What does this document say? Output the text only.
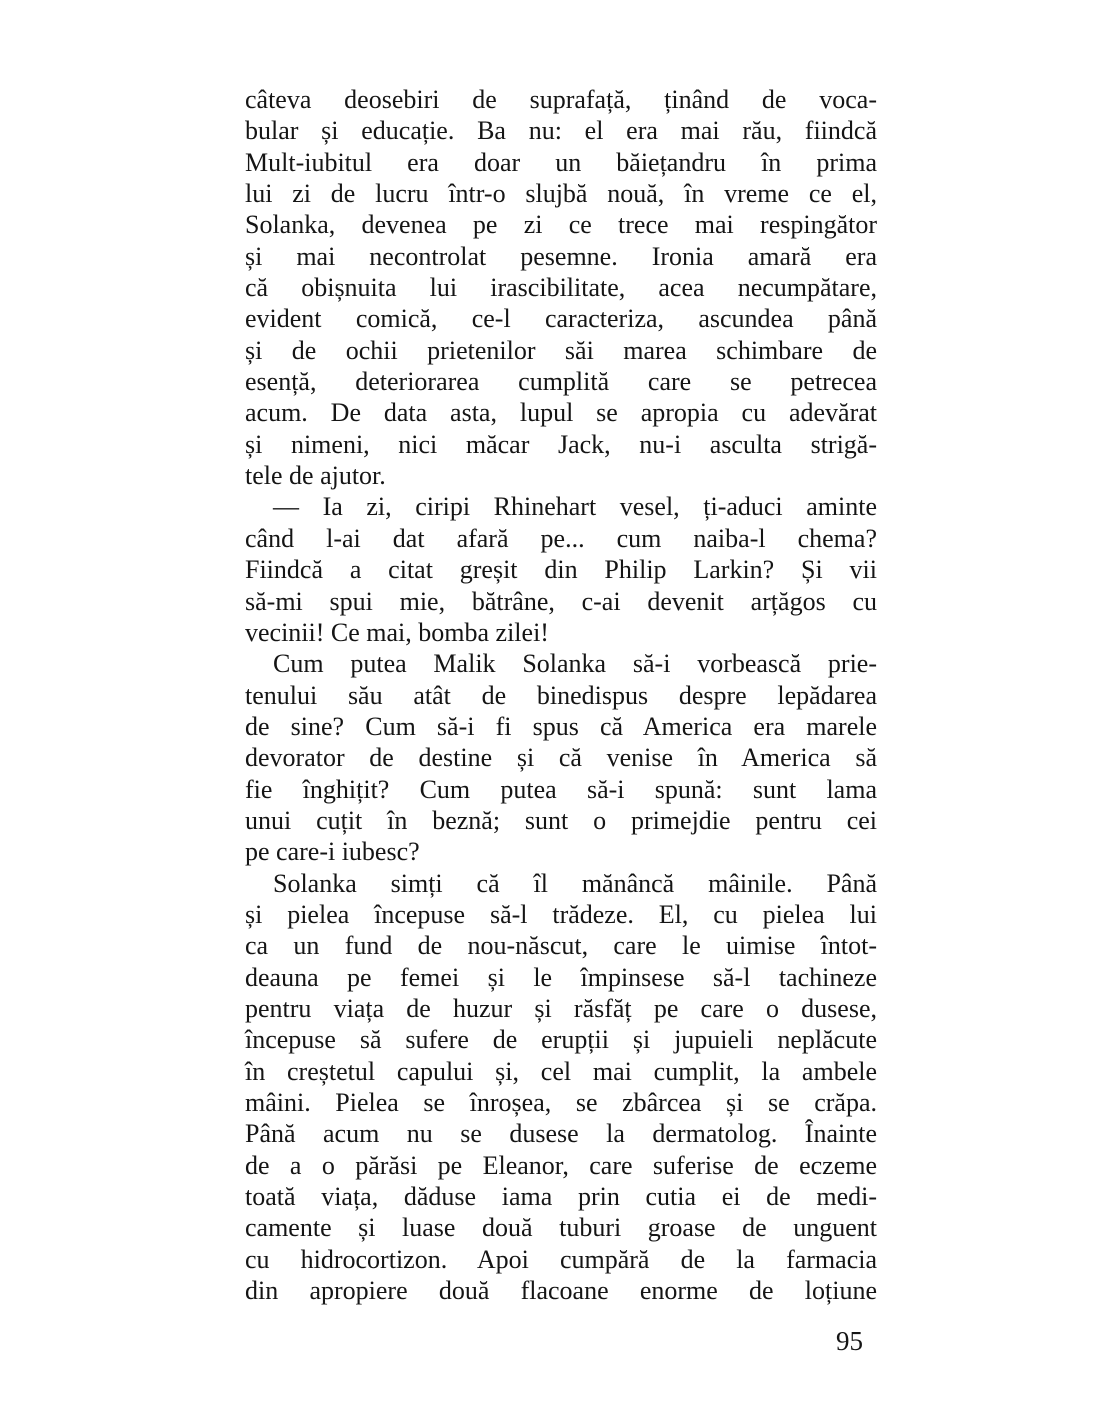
câteva deosebiri de suprafață, ținând de voca-
bular și educație. Ba nu: el era mai rău, fiindcă
Mult-iubitul era doar un băiețandru în prima
lui zi de lucru într-o slujbă nouă, în vreme ce el,
Solanka, devenea pe zi ce trece mai respingător
și mai necontrolat pesemne. Ironia amară era
că obișnuita lui irascibilitate, acea necumpătare,
evident comică, ce-l caracteriza, ascundea până
și de ochii prietenilor săi marea schimbare de
esență, deteriorarea cumplită care se petrecea
acum. De data asta, lupul se apropia cu adevărat
și nimeni, nici măcar Jack, nu-i asculta strigă-
tele de ajutor.
— Ia zi, ciripi Rhinehart vesel, ți-aduci aminte
când l-ai dat afară pe... cum naiba-l chema?
Fiindcă a citat greșit din Philip Larkin? Și vii
să-mi spui mie, bătrâne, c-ai devenit arțăgos cu
vecinii! Ce mai, bomba zilei!
Cum putea Malik Solanka să-i vorbească prie-
tenului său atât de binedispus despre lepădarea
de sine? Cum să-i fi spus că America era marele
devorator de destine și că venise în America să
fie înghițit? Cum putea să-i spună: sunt lama
unui cuțit în beznă; sunt o primejdie pentru cei
pe care-i iubesc?
Solanka simți că îl mănâncă mâinile. Până
și pielea începuse să-l trădeze. El, cu pielea lui
ca un fund de nou-născut, care le uimise întot-
deauna pe femei și le împinsese să-l tachineze
pentru viața de huzur și răsfăț pe care o dusese,
începuse să sufere de erupții și jupuieli neplăcute
în creștetul capului și, cel mai cumplit, la ambele
mâini. Pielea se înroșea, se zbârcea și se crăpa.
Până acum nu se dusese la dermatolog. Înainte
de a o părăsi pe Eleanor, care suferise de eczeme
toată viața, dăduse iama prin cutia ei de medi-
camente și luase două tuburi groase de unguent
cu hidrocortizon. Apoi cumpără de la farmacia
din apropiere două flacoane enorme de loțiune
95
